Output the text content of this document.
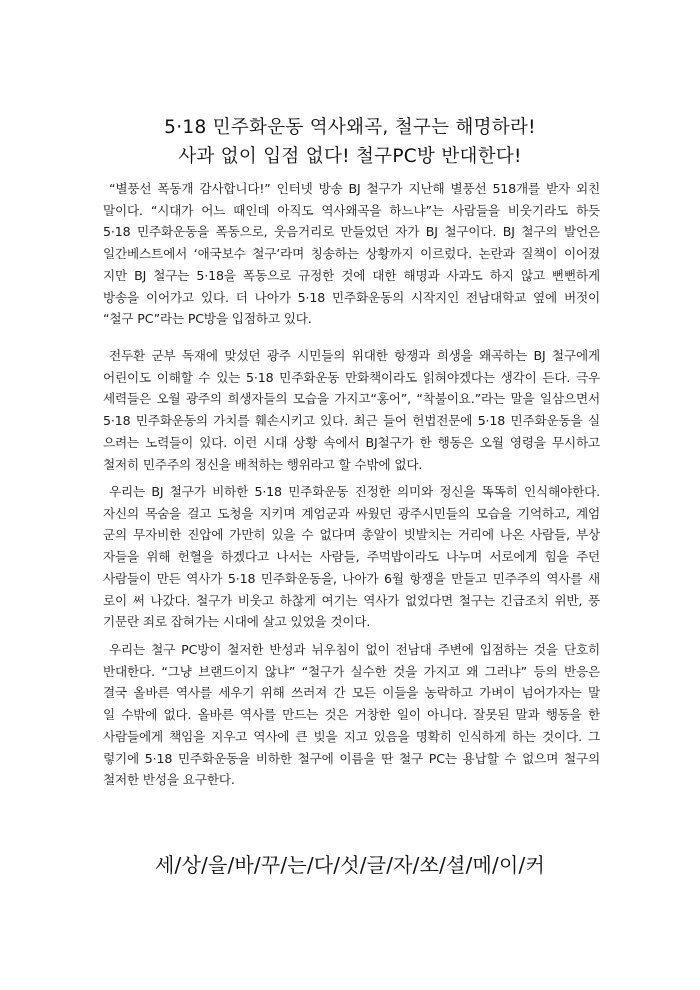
5·18 민주화운동 역사왜곡, 철구는 해명하라!
사과 없이 입점 없다! 철구PC방 반대한다!
“별풍선 폭동개 감사합니다!” 인터넷 방송 BJ 철구가 지난해 별풍선 518개를 받자 외친
말이다. “시대가 어느 때인데 아직도 역사왜곡을 하느냐”는 사람들을 비웃기라도 하듯
5·18 민주화운동을 폭동으로, 웃음거리로 만들었던 자가 BJ 철구이다. BJ 철구의 발언은
일간베스트에서 ‘애국보수 철구’라며 칭송하는 상황까지 이르렀다. 논란과 질책이 이어졌
지만 BJ 철구는 5·18을 폭동으로 규정한 것에 대한 해명과 사과도 하지 않고 뻔뻔하게
방송을 이어가고 있다. 더 나아가 5·18 민주화운동의 시작지인 전남대학교 옆에 버젓이
“철구 PC”라는 PC방을 입점하고 있다.
전두환 군부 독재에 맞섰던 광주 시민들의 위대한 항쟁과 희생을 왜곡하는 BJ 철구에게
어린이도 이해할 수 있는 5·18 민주화운동 만화책이라도 읽혀야겠다는 생각이 든다. 극우
세력들은 오월 광주의 희생자들의 모습을 가지고“홍어”, “착불이요.”라는 말을 일삼으면서
5·18 민주화운동의 가치를 훼손시키고 있다. 최근 들어 헌법전문에 5·18 민주화운동을 실
으려는 노력들이 있다. 이런 시대 상황 속에서 BJ철구가 한 행동은 오월 영령을 무시하고
철저히 민주주의 정신을 배척하는 행위라고 할 수밖에 없다.
우리는 BJ 철구가 비하한 5·18 민주화운동 진정한 의미와 정신을 똑똑히 인식해야한다.
자신의 목숨을 걸고 도청을 지키며 계엄군과 싸웠던 광주시민들의 모습을 기억하고, 계엄
군의 무자비한 진압에 가만히 있을 수 없다며 총알이 빗발치는 거리에 나온 사람들, 부상
자들을 위해 헌혈을 하겠다고 나서는 사람들, 주먹밥이라도 나누며 서로에게 힘을 주던
사람들이 만든 역사가 5·18 민주화운동을, 나아가 6월 항쟁을 만들고 민주주의 역사를 새
로이 써 나갔다. 철구가 비웃고 하찮게 여기는 역사가 없었다면 철구는 긴급조치 위반, 풍
기문란 죄로 잡혀가는 시대에 살고 있었을 것이다.
우리는 철구 PC방이 철저한 반성과 뉘우침이 없이 전남대 주변에 입점하는 것을 단호히
반대한다. “그냥 브랜드이지 않냐” “철구가 실수한 것을 가지고 왜 그러냐” 등의 반응은
결국 올바른 역사를 세우기 위해 쓰러져 간 모든 이들을 농락하고 가벼이 넘어가자는 말
일 수밖에 없다. 올바른 역사를 만드는 것은 거창한 일이 아니다. 잘못된 말과 행동을 한
사람들에게 책임을 지우고 역사에 큰 빚을 지고 있음을 명확히 인식하게 하는 것이다. 그
렇기에 5·18 민주화운동을 비하한 철구에 이름을 딴 철구 PC는 용납할 수 없으며 철구의
철저한 반성을 요구한다.
세/상/을/바/꾸/는/다/섯/글/자/쏘/셜/메/이/커
